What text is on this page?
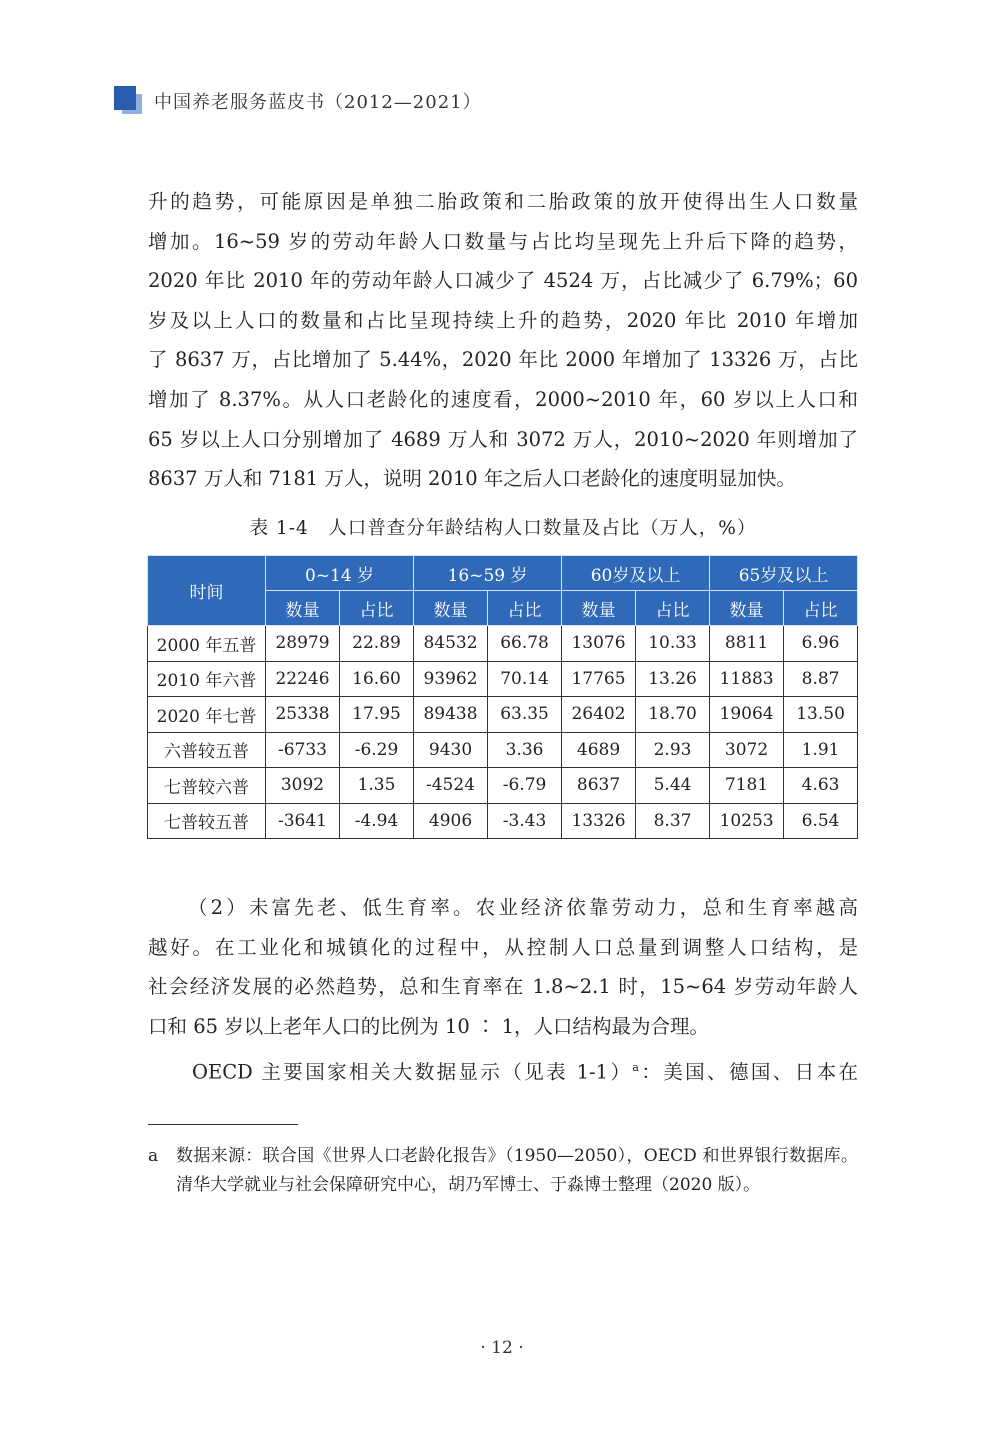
中国养老服务蓝皮书（2012—2021）
升的趋势，可能原因是单独二胎政策和二胎政策的放开使得出生人口数量
增加。16~59 岁的劳动年龄人口数量与占比均呈现先上升后下降的趋势，
2020 年比 2010 年的劳动年龄人口减少了 4524 万，占比减少了 6.79%；60
岁及以上人口的数量和占比呈现持续上升的趋势，2020 年比 2010 年增加
了 8637 万，占比增加了 5.44%，2020 年比 2000 年增加了 13326 万，占比
增加了 8.37%。从人口老龄化的速度看，2000~2010 年，60 岁以上人口和
65 岁以上人口分别增加了 4689 万人和 3072 万人，2010~2020 年则增加了
8637 万人和 7181 万人，说明 2010 年之后人口老龄化的速度明显加快。
表 1-4　人口普查分年龄结构人口数量及占比（万人，%）
时间	0~14 岁		16~59 岁		60岁及以上		65岁及以上	
	数量	占比	数量	占比	数量	占比	数量	占比
2000 年五普	28979	22.89	84532	66.78	13076	10.33	8811	6.96
2010 年六普	22246	16.60	93962	70.14	17765	13.26	11883	8.87
2020 年七普	25338	17.95	89438	63.35	26402	18.70	19064	13.50
六普较五普	-6733	-6.29	9430	3.36	4689	2.93	3072	1.91
七普较六普	3092	1.35	-4524	-6.79	8637	5.44	7181	4.63
七普较五普	-3641	-4.94	4906	-3.43	13326	8.37	10253	6.54
（2）未富先老、低生育率。农业经济依靠劳动力，总和生育率越高
越好。在工业化和城镇化的过程中，从控制人口总量到调整人口结构，是
社会经济发展的必然趋势，总和生育率在 1.8~2.1 时，15~64 岁劳动年龄人
口和 65 岁以上老年人口的比例为 10 ∶ 1，人口结构最为合理。
OECD 主要国家相关大数据显示（见表 1-1）$^a$：美国、德国、日本在
a	数据来源：联合国《世界人口老龄化报告》（1950—2050），OECD 和世界银行数据库。清华大学就业与社会保障研究中心，胡乃军博士、于淼博士整理（2020 版）。
· 12 ·
